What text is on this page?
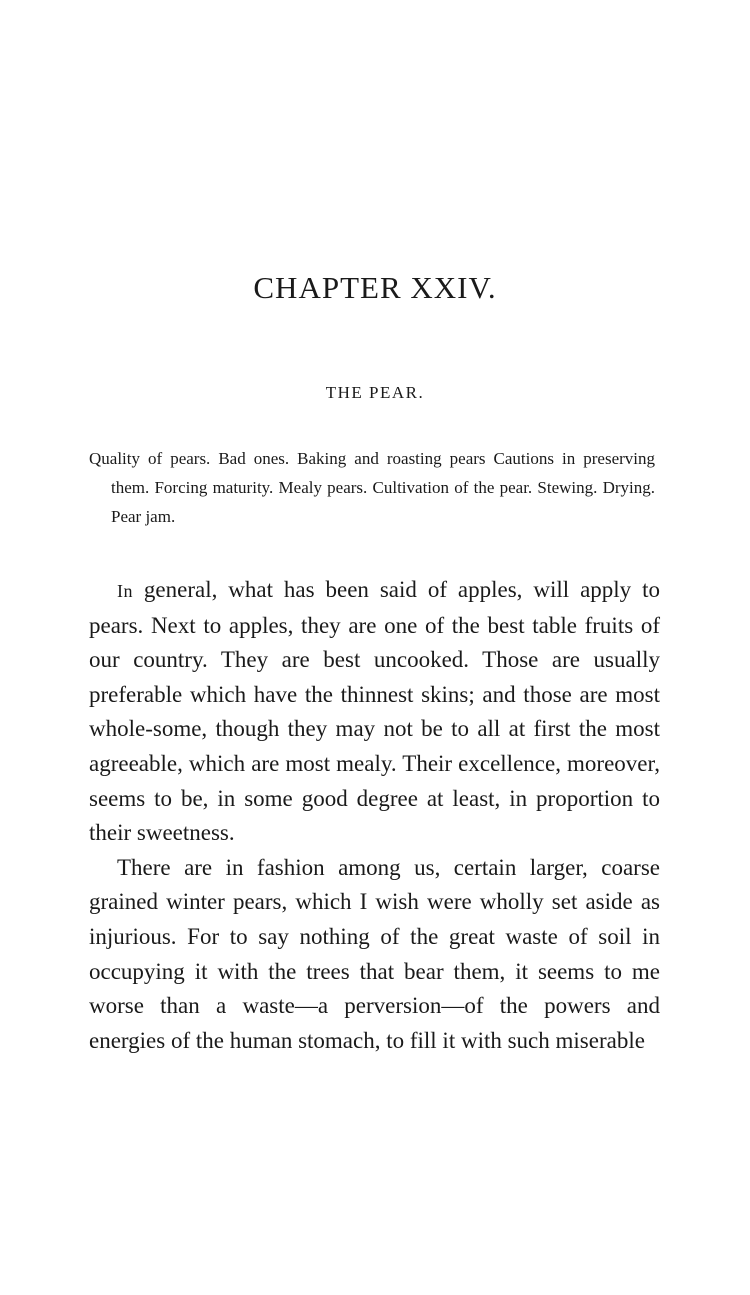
CHAPTER XXIV.
THE PEAR.

Quality of pears. Bad ones. Baking and roasting pears Cautions in preserving them. Forcing maturity. Mealy pears. Cultivation of the pear. Stewing. Drying. Pear jam.

In general, what has been said of apples, will apply to pears. Next to apples, they are one of the best table fruits of our country. They are best uncooked. Those are usually preferable which have the thinnest skins; and those are most whole-some, though they may not be to all at first the most agreeable, which are most mealy. Their excellence, moreover, seems to be, in some good degree at least, in proportion to their sweetness.

There are in fashion among us, certain larger, coarse grained winter pears, which I wish were wholly set aside as injurious. For to say nothing of the great waste of soil in occupying it with the trees that bear them, it seems to me worse than a waste—a perversion—of the powers and energies of the human stomach, to fill it with such miserable
